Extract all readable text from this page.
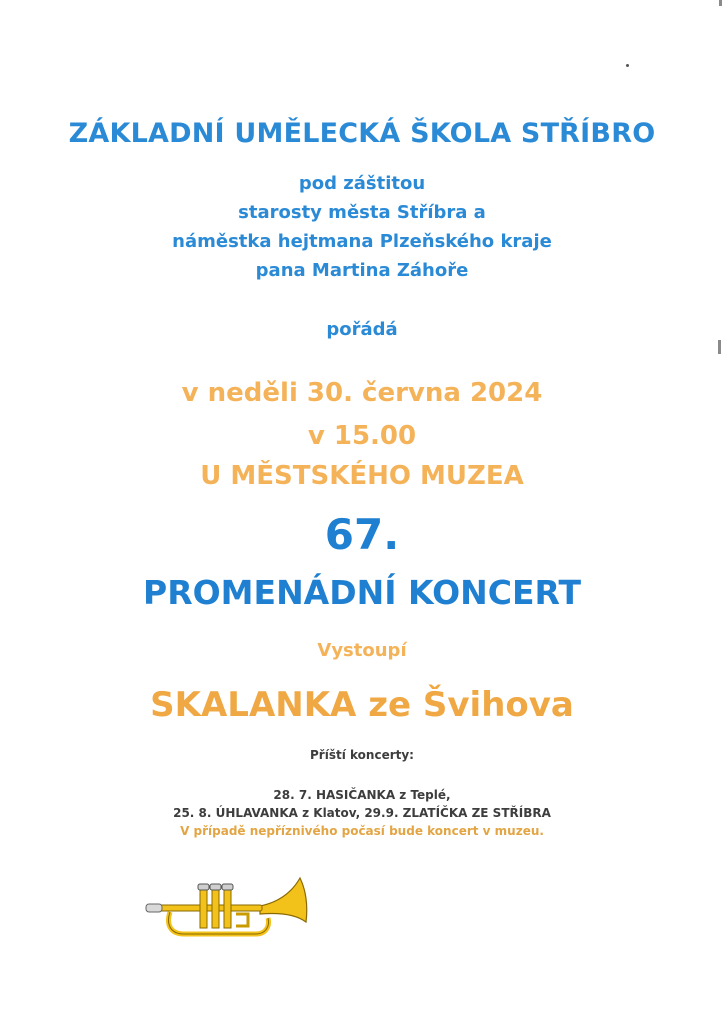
ZÁKLADNÍ UMĚLECKÁ ŠKOLA STŘÍBRO
pod záštitou
starosty města Stříbra a
náměstka hejtmana Plzeňského kraje
pana Martina Záhoře
pořádá
v neděli 30. června 2024
v 15.00
U MĚSTSKÉHO MUZEA
67.
PROMENÁDNÍ KONCERT
Vystoupí
SKALANKA ze Švihova
Příští koncerty:
28. 7. HASIČANKA z Teplé,
25. 8. ÚHLAVANKA z Klatov, 29.9. ZLATÍČKA ZE STŘÍBRA
V případě nepříznivého počasí bude koncert v muzeu.
